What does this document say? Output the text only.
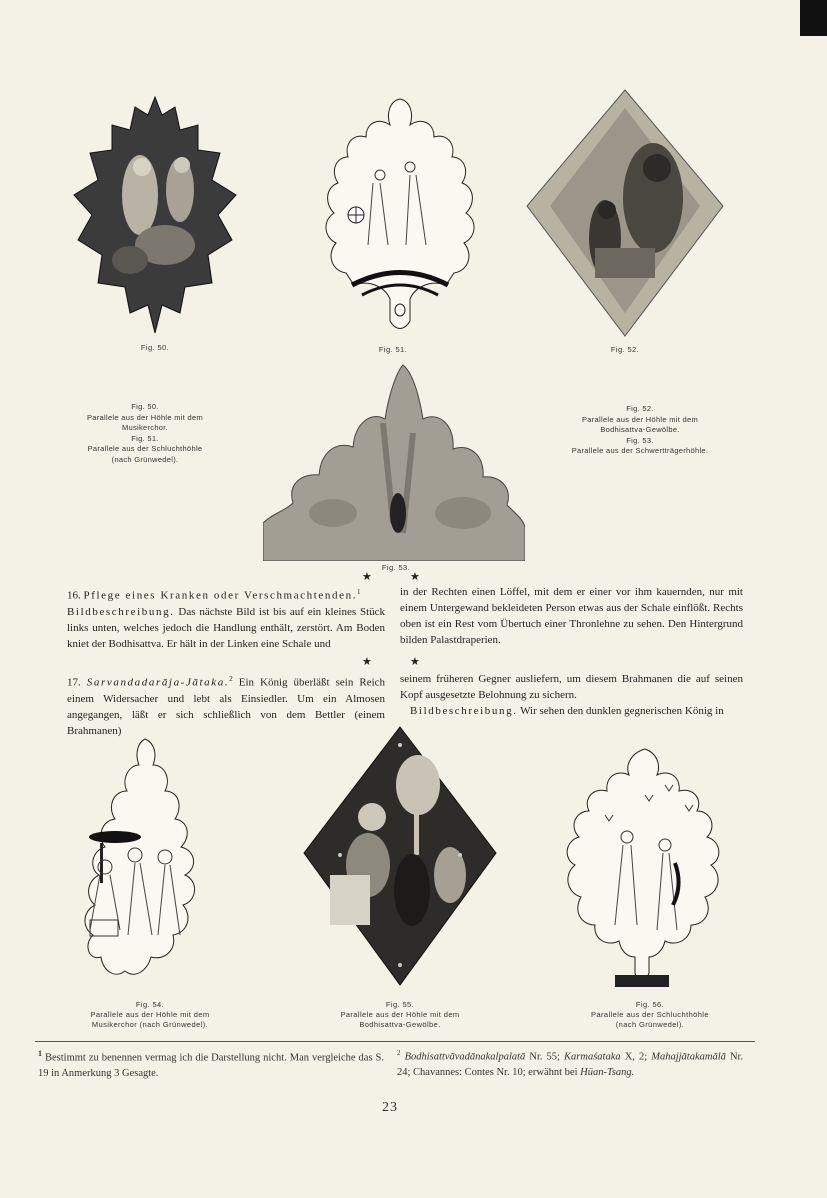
Fig. 50.	Fig. 51.	Fig. 52.
Fig. 50.
Parallele aus der Höhle mit dem
Musikerchor.
Fig. 51.
Parallele aus der Schluchthöhle
(nach Grünwedel).
Fig. 52.
Parallele aus der Höhle mit dem
Bodhisattva-Gewölbe.
Fig. 53.
Parallele aus der Schwertträgerhöhle.
Fig. 53.
★	★

16. Pflege eines Kranken oder Verschmachtenden.$^1$

Bildbeschreibung. Das nächste Bild ist bis auf ein kleines Stück links unten, welches jedoch die Handlung enthält, zerstört. Am Boden kniet der Bodhisattva. Er hält in der Linken eine Schale und

in der Rechten einen Löffel, mit dem er einer vor ihm kauernden, nur mit einem Untergewand bekleideten Person etwas aus der Schale einflößt. Rechts oben ist ein Rest vom Übertuch einer Thronlehne zu sehen. Den Hintergrund bilden Palastdraperien.

★	★

17. Sarvandadarāja-Jātaka.$^2$ Ein König überläßt sein Reich einem Widersacher und lebt als Einsiedler. Um ein Almosen angegangen, läßt er sich schließlich von dem Bettler (einem Brahmanen)

seinem früheren Gegner ausliefern, um diesem Brahmanen die auf seinen Kopf ausgesetzte Belohnung zu sichern.

Bildbeschreibung. Wir sehen den dunklen gegnerischen König in

Fig. 54.
Parallele aus der Höhle mit dem
Musikerchor (nach Grünwedel).
Fig. 55.
Parallele aus der Höhle mit dem
Bodhisattva-Gewölbe.
Fig. 56.
Parallele aus der Schluchthöhle
(nach Grünwedel).
$^1$ Bestimmt zu benennen vermag ich die Darstellung nicht. Man vergleiche das S. 19 in Anmerkung 3 Gesagte.
$^2$ Bodhisattvāvadānakalpalatā Nr. 55; Karmaśataka X, 2; Mahajjātakamālā Nr. 24; Chavannes: Contes Nr. 10; erwähnt bei Hüan-Tsang.
23
